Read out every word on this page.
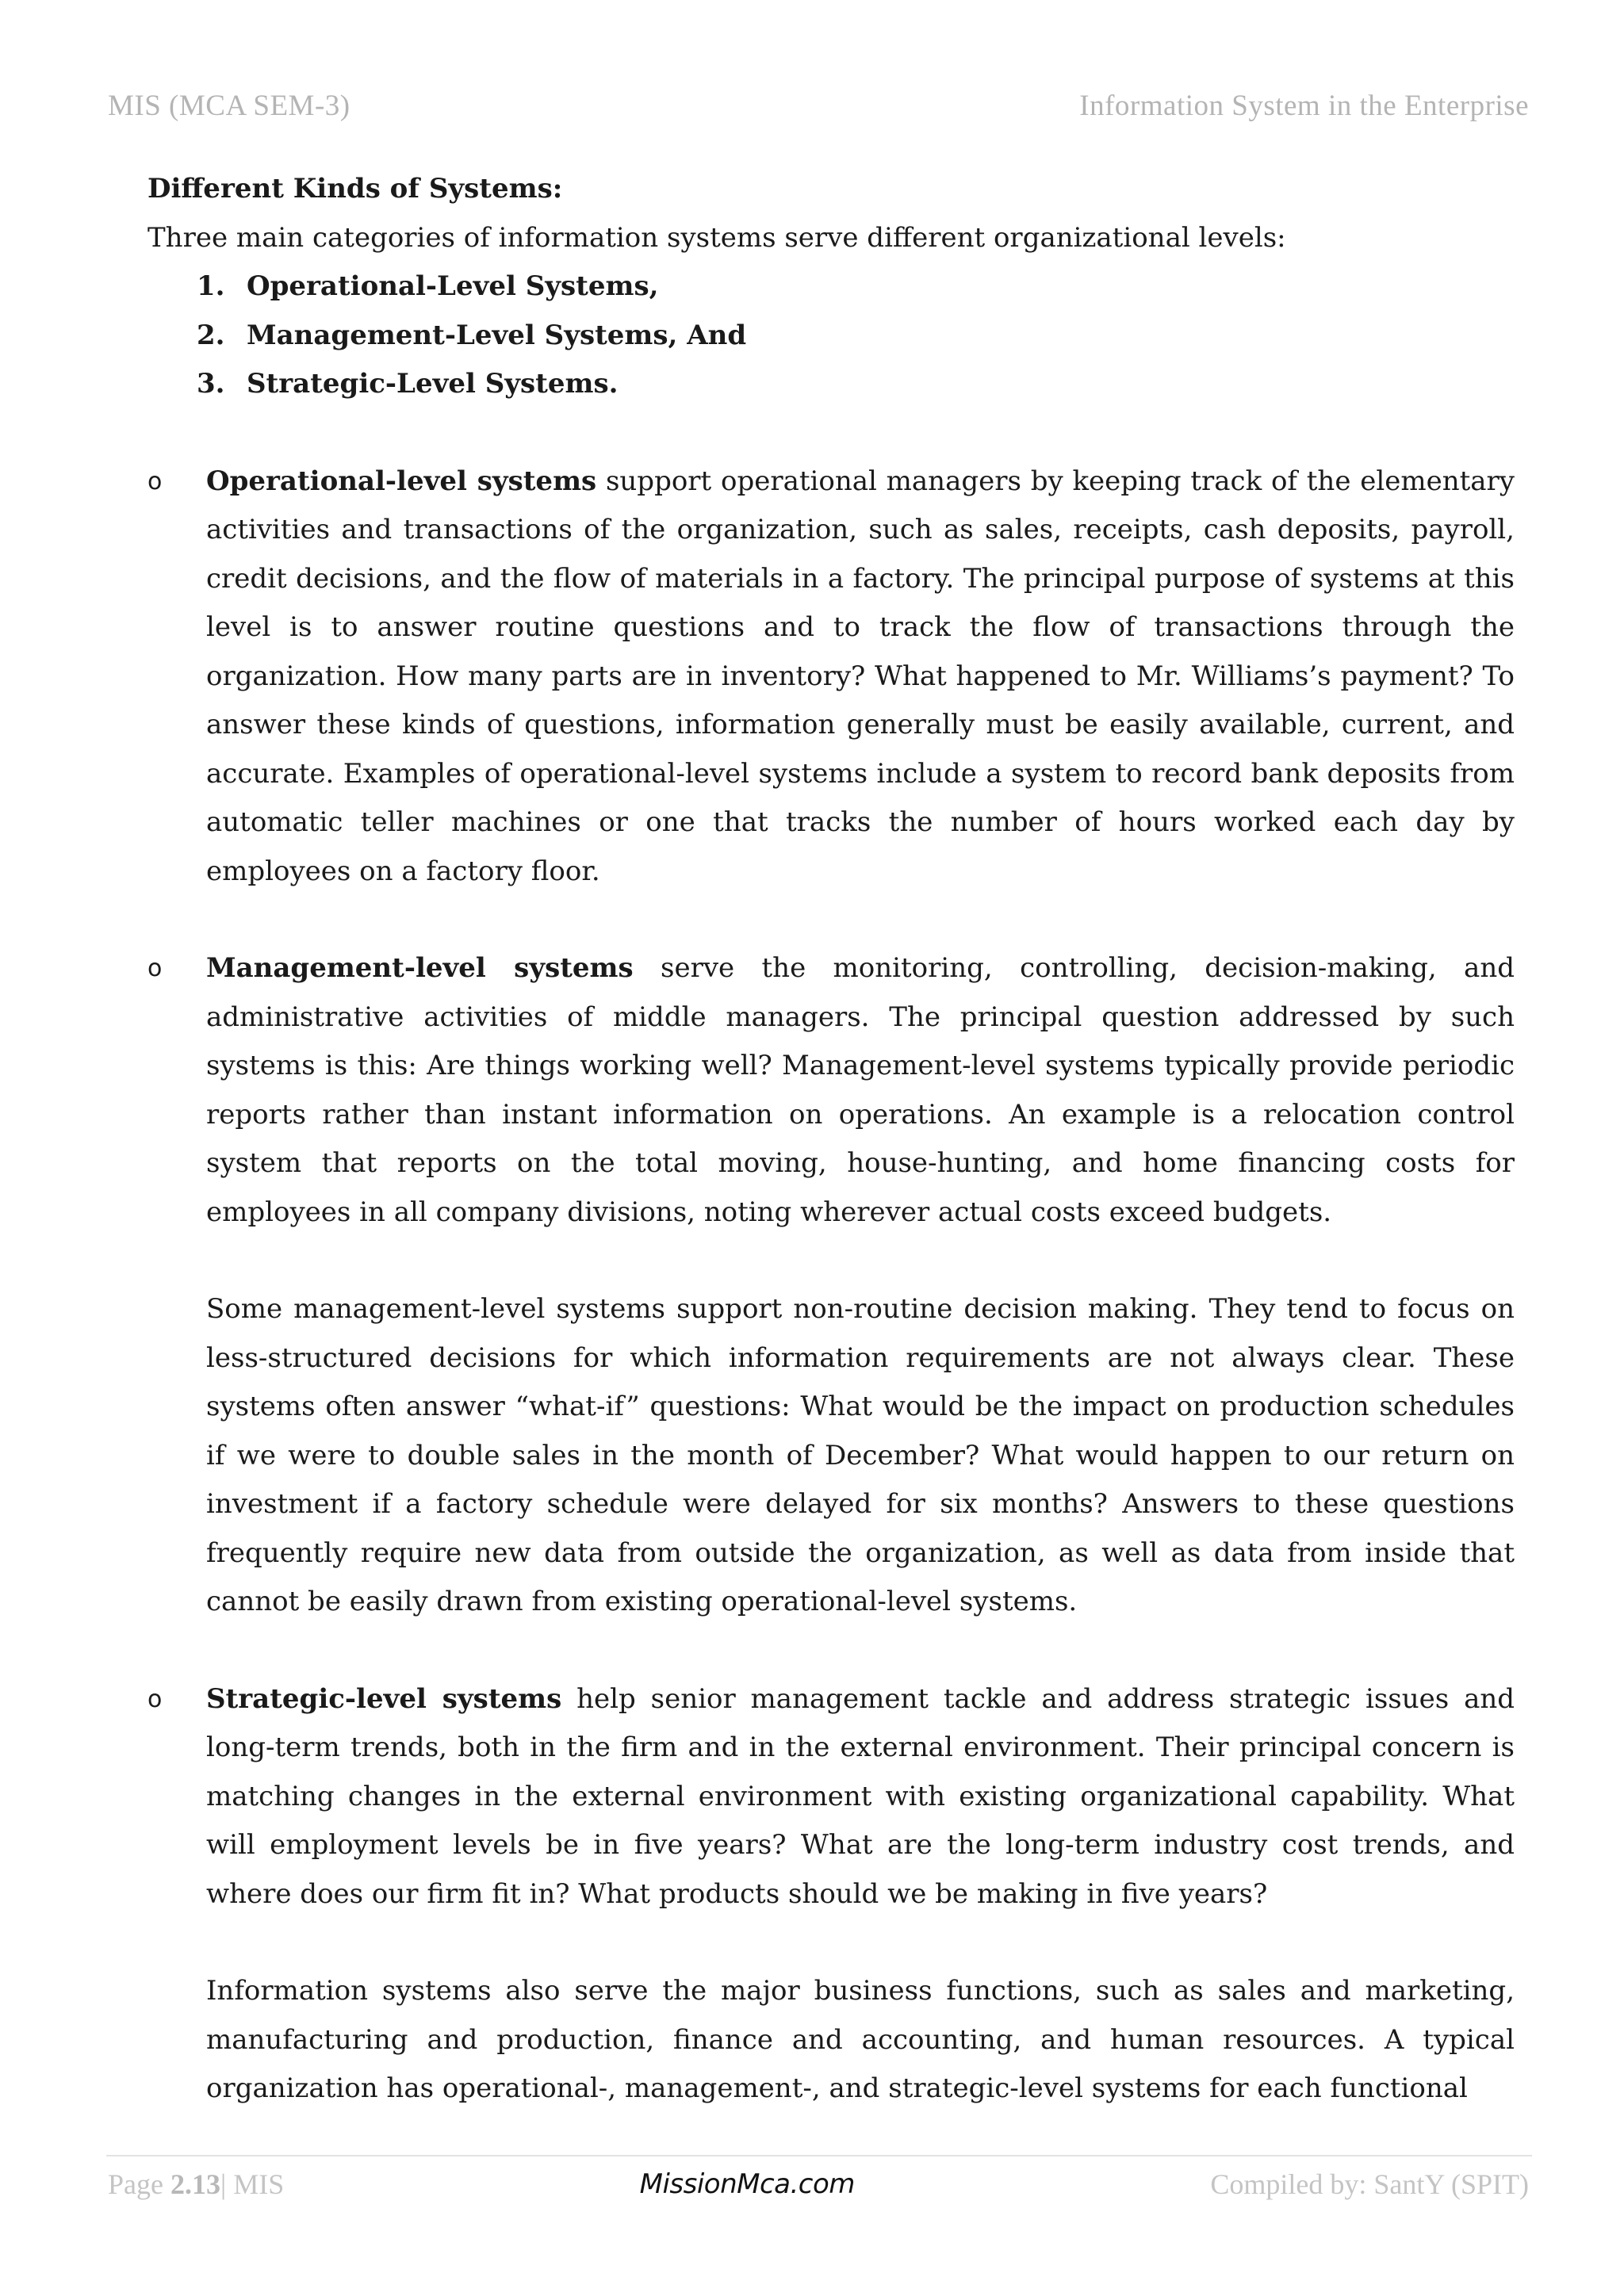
MIS (MCA SEM-3)	Information System in the Enterprise

Different Kinds of Systems:

Three main categories of information systems serve different organizational levels:

1. Operational-Level Systems,
2. Management-Level Systems, And
3. Strategic-Level Systems.
o Operational-level systems support operational managers by keeping track of the elementary activities and transactions of the organization, such as sales, receipts, cash deposits, payroll, credit decisions, and the flow of materials in a factory. The principal purpose of systems at this level is to answer routine questions and to track the flow of transactions through the organization. How many parts are in inventory? What happened to Mr. Williams’s payment? To answer these kinds of questions, information generally must be easily available, current, and accurate. Examples of operational-level systems include a system to record bank deposits from automatic teller machines or one that tracks the number of hours worked each day by employees on a factory floor.

o Management-level systems serve the monitoring, controlling, decision-making, and administrative activities of middle managers. The principal question addressed by such systems is this: Are things working well? Management-level systems typically provide periodic reports rather than instant information on operations. An example is a relocation control system that reports on the total moving, house-hunting, and home financing costs for employees in all company divisions, noting wherever actual costs exceed budgets.

Some management-level systems support non-routine decision making. They tend to focus on less-structured decisions for which information requirements are not always clear. These systems often answer “what-if” questions: What would be the impact on production schedules if we were to double sales in the month of December? What would happen to our return on investment if a factory schedule were delayed for six months? Answers to these questions frequently require new data from outside the organization, as well as data from inside that cannot be easily drawn from existing operational-level systems.

o Strategic-level systems help senior management tackle and address strategic issues and long-term trends, both in the firm and in the external environment. Their principal concern is matching changes in the external environment with existing organizational capability. What will employment levels be in five years? What are the long-term industry cost trends, and where does our firm fit in? What products should we be making in five years?

Information systems also serve the major business functions, such as sales and marketing, manufacturing and production, finance and accounting, and human resources. A typical organization has operational-, management-, and strategic-level systems for each functional

Page 2.13| MIS	MissionMca.com	Compiled by: SantY (SPIT)
